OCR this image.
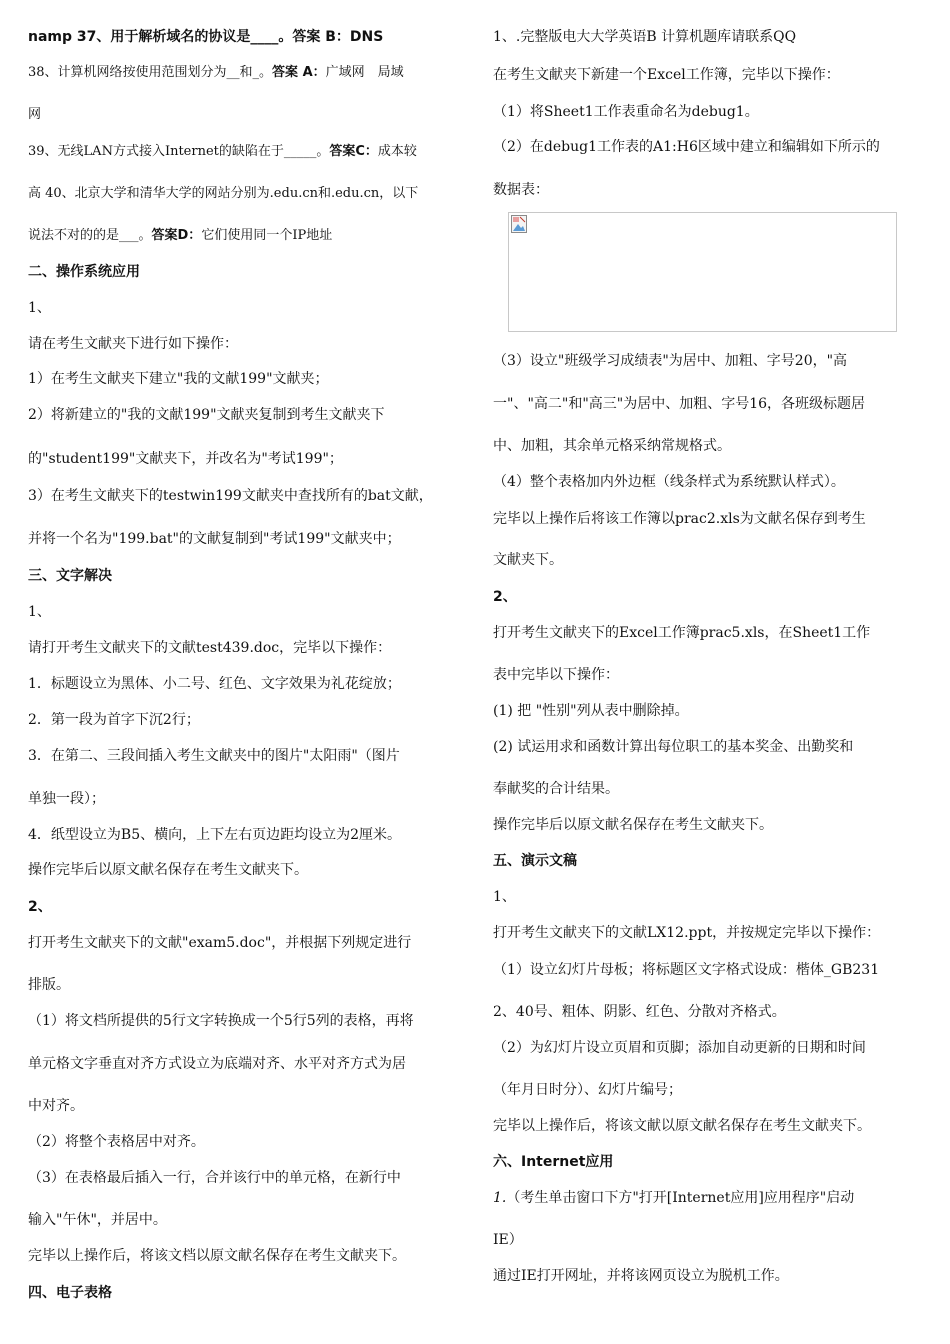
namp 37、用于解析域名的协议是____。答案 B：DNS
38、计算机网络按使用范围划分为__和_。答案 A：广域网　局域
网
39、无线LAN方式接入Internet的缺陷在于_____。答案C：成本较
高 40、北京大学和清华大学的网站分别为.edu.cn和.edu.cn，以下
说法不对的的是___。答案D：它们使用同一个IP地址
二、操作系统应用
1、
请在考生文献夹下进行如下操作：
1）在考生文献夹下建立"我的文献199"文献夹；
2）将新建立的"我的文献199"文献夹复制到考生文献夹下
的"student199"文献夹下，并改名为"考试199"；
3）在考生文献夹下的testwin199文献夹中查找所有的bat文献，
并将一个名为"199.bat"的文献复制到"考试199"文献夹中；
三、文字解决
1、
请打开考生文献夹下的文献test439.doc，完毕以下操作：
1．标题设立为黑体、小二号、红色、文字效果为礼花绽放；
2．第一段为首字下沉2行；
3．在第二、三段间插入考生文献夹中的图片"太阳雨"（图片
单独一段）；
4．纸型设立为B5、横向，上下左右页边距均设立为2厘米。
操作完毕后以原文献名保存在考生文献夹下。
2、
打开考生文献夹下的文献"exam5.doc"，并根据下列规定进行
排版。
（1）将文档所提供的5行文字转换成一个5行5列的表格，再将
单元格文字垂直对齐方式设立为底端对齐、水平对齐方式为居
中对齐。
（2）将整个表格居中对齐。
（3）在表格最后插入一行，合并该行中的单元格，在新行中
输入"午休"，并居中。
完毕以上操作后，将该文档以原文献名保存在考生文献夹下。
四、电子表格
1、.完整版电大大学英语B 计算机题库请联系QQ
在考生文献夹下新建一个Excel工作簿，完毕以下操作：
（1）将Sheet1工作表重命名为debug1。
（2）在debug1工作表的A1:H6区域中建立和编辑如下所示的
数据表：
（3）设立"班级学习成绩表"为居中、加粗、字号20，"高
一"、"高二"和"高三"为居中、加粗、字号16，各班级标题居
中、加粗，其余单元格采纳常规格式。
（4）整个表格加内外边框（线条样式为系统默认样式）。
完毕以上操作后将该工作簿以prac2.xls为文献名保存到考生
文献夹下。
2、
打开考生文献夹下的Excel工作簿prac5.xls，在Sheet1工作
表中完毕以下操作：
(1) 把 "性别"列从表中删除掉。
(2) 试运用求和函数计算出每位职工的基本奖金、出勤奖和
奉献奖的合计结果。
操作完毕后以原文献名保存在考生文献夹下。
五、演示文稿
1、
打开考生文献夹下的文献LX12.ppt，并按规定完毕以下操作：
（1）设立幻灯片母板；将标题区文字格式设成：楷体_GB231
2、40号、粗体、阴影、红色、分散对齐格式。
（2）为幻灯片设立页眉和页脚；添加自动更新的日期和时间
（年月日时分）、幻灯片编号；
完毕以上操作后，将该文献以原文献名保存在考生文献夹下。
六、Internet应用
1.（考生单击窗口下方"打开[Internet应用]应用程序"启动
IE）
通过IE打开网址，并将该网页设立为脱机工作。
